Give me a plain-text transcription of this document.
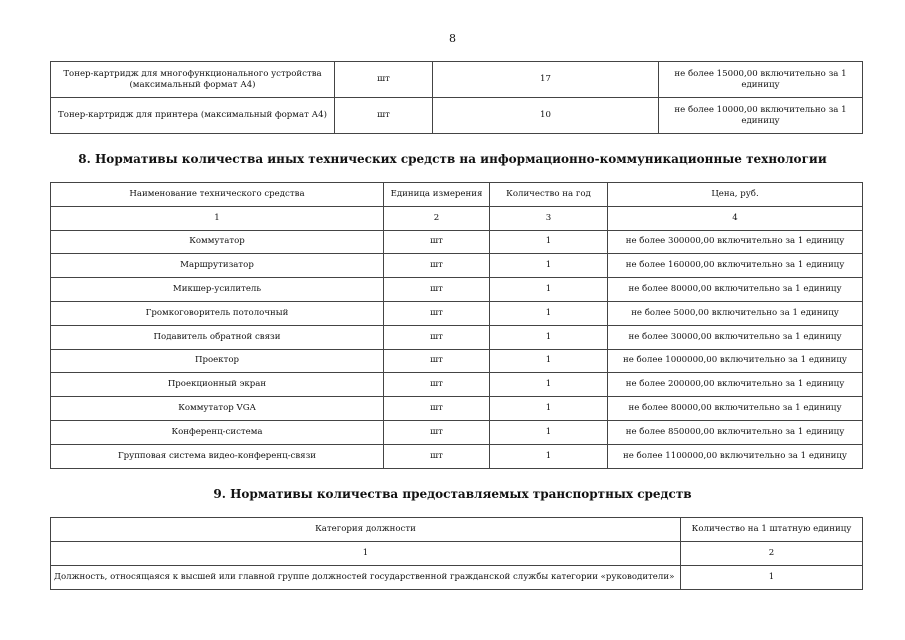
8
Тонер-картридж для многофункционального устройства (максимальный формат А4)	шт	17	не более 15000,00 включительно за 1 единицу
Тонер-картридж для принтера (максимальный формат А4)	шт	10	не более 10000,00 включительно за 1 единицу
8. Нормативы количества иных технических средств на информационно-коммуникационные технологии
Наименование технического средства	Единица измерения	Количество на год	Цена, руб.
1	2	3	4
Коммутатор	шт	1	не более 300000,00 включительно за 1 единицу
Маршрутизатор	шт	1	не более 160000,00 включительно за 1 единицу
Микшер-усилитель	шт	1	не более 80000,00 включительно за 1 единицу
Громкоговоритель потолочный	шт	1	не более 5000,00 включительно за 1 единицу
Подавитель обратной связи	шт	1	не более 30000,00 включительно за 1 единицу
Проектор	шт	1	не более 1000000,00 включительно за 1 единицу
Проекционный экран	шт	1	не более 200000,00 включительно за 1 единицу
Коммутатор VGA	шт	1	не более 80000,00 включительно за 1 единицу
Конференц-система	шт	1	не более 850000,00 включительно за 1 единицу
Групповая система видео-конференц-связи	шт	1	не более 1100000,00 включительно за 1 единицу
9. Нормативы количества предоставляемых транспортных средств
Категория должности	Количество на 1 штатную единицу
1	2
Должность, относящаяся к высшей или главной группе должностей государственной гражданской службы категории «руководители»	1
